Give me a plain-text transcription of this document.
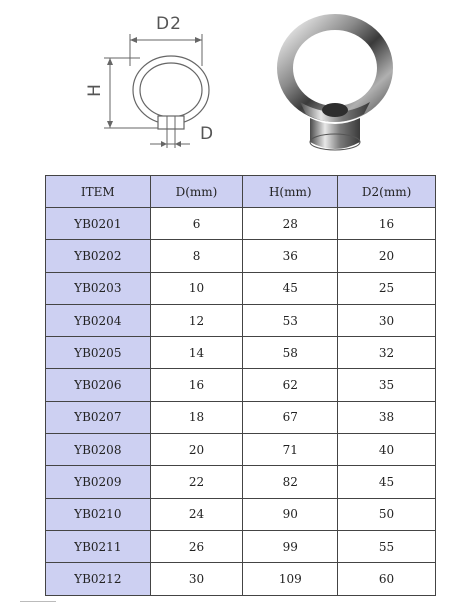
D2
H
D
ITEM	D(mm)	H(mm)	D2(mm)
YB0201	6	28	16
YB0202	8	36	20
YB0203	10	45	25
YB0204	12	53	30
YB0205	14	58	32
YB0206	16	62	35
YB0207	18	67	38
YB0208	20	71	40
YB0209	22	82	45
YB0210	24	90	50
YB0211	26	99	55
YB0212	30	109	60
